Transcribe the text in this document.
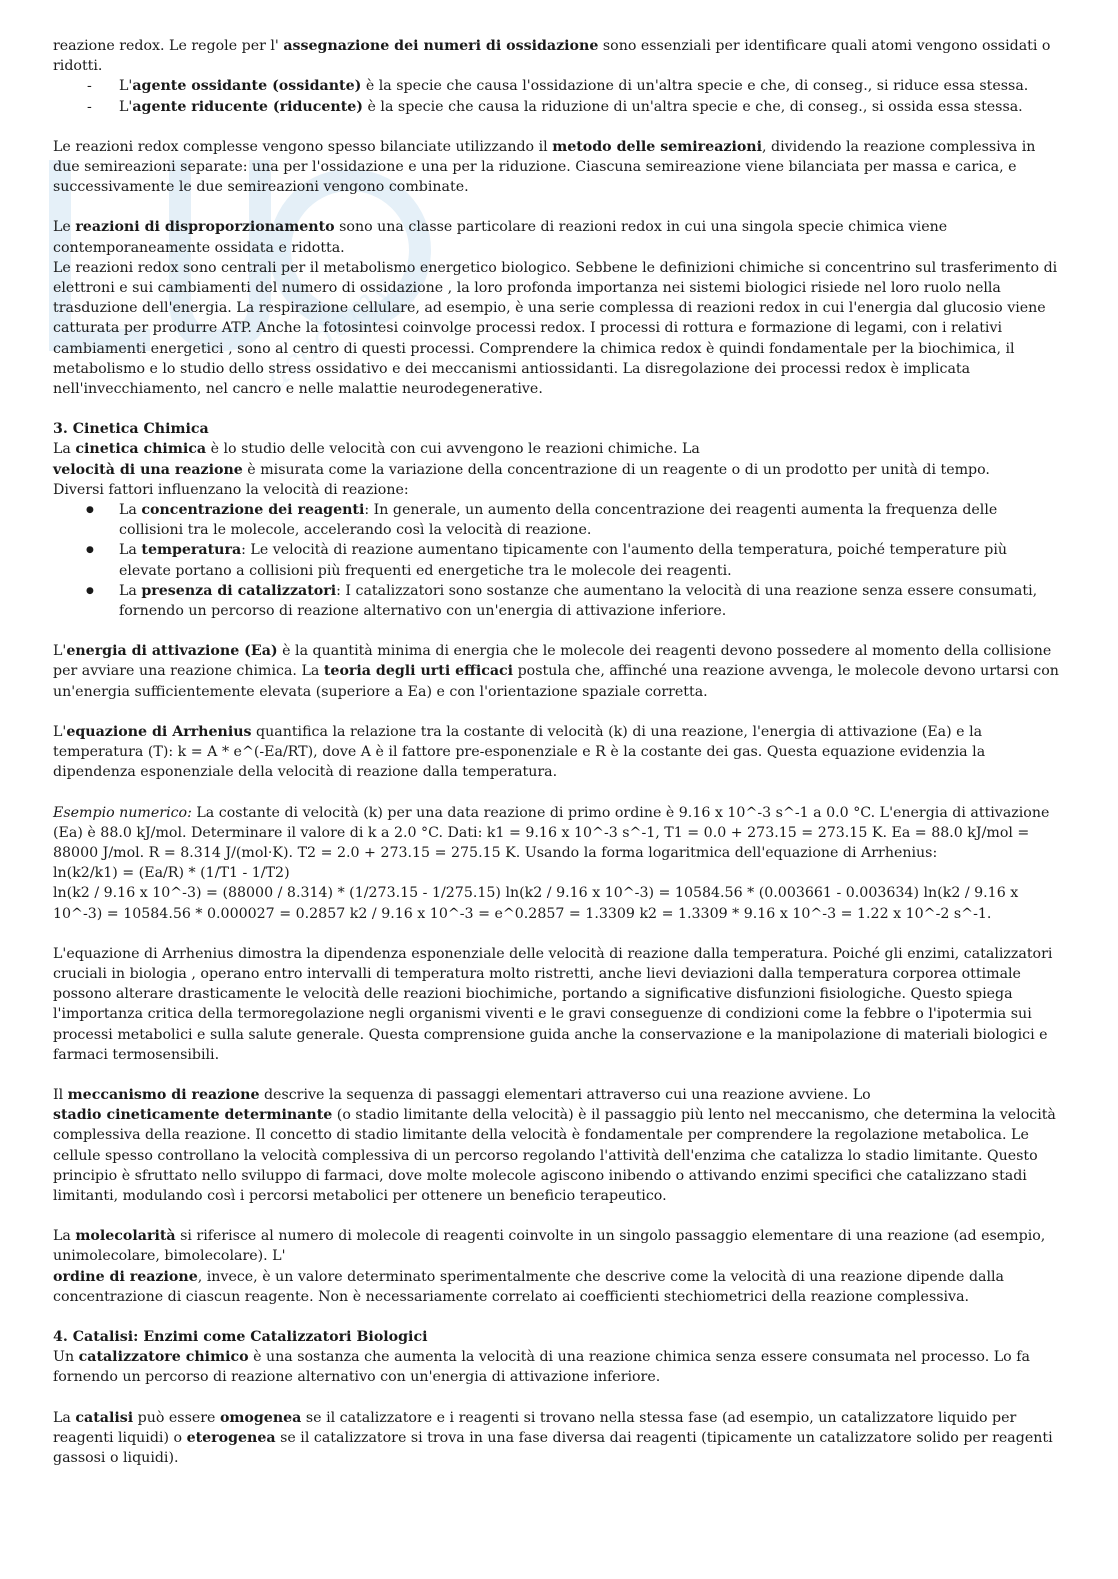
academy

reazione redox. Le regole per l' assegnazione dei numeri di ossidazione sono essenziali per identificare quali atomi vengono ossidati o ridotti.

- L'agente ossidante (ossidante) è la specie che causa l'ossidazione di un'altra specie e che, di conseg., si riduce essa stessa.
- L'agente riducente (riducente) è la specie che causa la riduzione di un'altra specie e che, di conseg., si ossida essa stessa.

Le reazioni redox complesse vengono spesso bilanciate utilizzando il metodo delle semireazioni, dividendo la reazione complessiva in due semireazioni separate: una per l'ossidazione e una per la riduzione. Ciascuna semireazione viene bilanciata per massa e carica, e successivamente le due semireazioni vengono combinate.

Le reazioni di disproporzionamento sono una classe particolare di reazioni redox in cui una singola specie chimica viene contemporaneamente ossidata e ridotta.

Le reazioni redox sono centrali per il metabolismo energetico biologico. Sebbene le definizioni chimiche si concentrino sul trasferimento di elettroni e sui cambiamenti del numero di ossidazione , la loro profonda importanza nei sistemi biologici risiede nel loro ruolo nella trasduzione dell'energia. La respirazione cellulare, ad esempio, è una serie complessa di reazioni redox in cui l'energia dal glucosio viene catturata per produrre ATP. Anche la fotosintesi coinvolge processi redox. I processi di rottura e formazione di legami, con i relativi cambiamenti energetici , sono al centro di questi processi. Comprendere la chimica redox è quindi fondamentale per la biochimica, il metabolismo e lo studio dello stress ossidativo e dei meccanismi antiossidanti. La disregolazione dei processi redox è implicata nell'invecchiamento, nel cancro e nelle malattie neurodegenerative.

3. Cinetica Chimica

La cinetica chimica è lo studio delle velocità con cui avvengono le reazioni chimiche. La

velocità di una reazione è misurata come la variazione della concentrazione di un reagente o di un prodotto per unità di tempo.

Diversi fattori influenzano la velocità di reazione:

● La concentrazione dei reagenti: In generale, un aumento della concentrazione dei reagenti aumenta la frequenza delle collisioni tra le molecole, accelerando così la velocità di reazione.
● La temperatura: Le velocità di reazione aumentano tipicamente con l'aumento della temperatura, poiché temperature più elevate portano a collisioni più frequenti ed energetiche tra le molecole dei reagenti.
● La presenza di catalizzatori: I catalizzatori sono sostanze che aumentano la velocità di una reazione senza essere consumati, fornendo un percorso di reazione alternativo con un'energia di attivazione inferiore.

L'energia di attivazione (Ea) è la quantità minima di energia che le molecole dei reagenti devono possedere al momento della collisione per avviare una reazione chimica. La teoria degli urti efficaci postula che, affinché una reazione avvenga, le molecole devono urtarsi con un'energia sufficientemente elevata (superiore a Ea) e con l'orientazione spaziale corretta.

L'equazione di Arrhenius quantifica la relazione tra la costante di velocità (k) di una reazione, l'energia di attivazione (Ea) e la temperatura (T): k = A * e^(-Ea/RT), dove A è il fattore pre-esponenziale e R è la costante dei gas. Questa equazione evidenzia la dipendenza esponenziale della velocità di reazione dalla temperatura.

Esempio numerico: La costante di velocità (k) per una data reazione di primo ordine è 9.16 x 10^-3 s^-1 a 0.0 °C. L'energia di attivazione (Ea) è 88.0 kJ/mol. Determinare il valore di k a 2.0 °C. Dati: k1 = 9.16 x 10^-3 s^-1, T1 = 0.0 + 273.15 = 273.15 K. Ea = 88.0 kJ/mol = 88000 J/mol. R = 8.314 J/(mol·K). T2 = 2.0 + 273.15 = 275.15 K. Usando la forma logaritmica dell'equazione di Arrhenius:

ln(k2/k1) = (Ea/R) * (1/T1 - 1/T2)

ln(k2 / 9.16 x 10^-3) = (88000 / 8.314) * (1/273.15 - 1/275.15) ln(k2 / 9.16 x 10^-3) = 10584.56 * (0.003661 - 0.003634) ln(k2 / 9.16 x 10^-3) = 10584.56 * 0.000027 = 0.2857 k2 / 9.16 x 10^-3 = e^0.2857 = 1.3309 k2 = 1.3309 * 9.16 x 10^-3 = 1.22 x 10^-2 s^-1.

L'equazione di Arrhenius dimostra la dipendenza esponenziale delle velocità di reazione dalla temperatura. Poiché gli enzimi, catalizzatori cruciali in biologia , operano entro intervalli di temperatura molto ristretti, anche lievi deviazioni dalla temperatura corporea ottimale possono alterare drasticamente le velocità delle reazioni biochimiche, portando a significative disfunzioni fisiologiche. Questo spiega l'importanza critica della termoregolazione negli organismi viventi e le gravi conseguenze di condizioni come la febbre o l'ipotermia sui processi metabolici e sulla salute generale. Questa comprensione guida anche la conservazione e la manipolazione di materiali biologici e farmaci termosensibili.

Il meccanismo di reazione descrive la sequenza di passaggi elementari attraverso cui una reazione avviene. Lo

stadio cineticamente determinante (o stadio limitante della velocità) è il passaggio più lento nel meccanismo, che determina la velocità complessiva della reazione. Il concetto di stadio limitante della velocità è fondamentale per comprendere la regolazione metabolica. Le cellule spesso controllano la velocità complessiva di un percorso regolando l'attività dell'enzima che catalizza lo stadio limitante. Questo principio è sfruttato nello sviluppo di farmaci, dove molte molecole agiscono inibendo o attivando enzimi specifici che catalizzano stadi limitanti, modulando così i percorsi metabolici per ottenere un beneficio terapeutico.

La molecolarità si riferisce al numero di molecole di reagenti coinvolte in un singolo passaggio elementare di una reazione (ad esempio, unimolecolare, bimolecolare). L'

ordine di reazione, invece, è un valore determinato sperimentalmente che descrive come la velocità di una reazione dipende dalla concentrazione di ciascun reagente. Non è necessariamente correlato ai coefficienti stechiometrici della reazione complessiva.

4. Catalisi: Enzimi come Catalizzatori Biologici

Un catalizzatore chimico è una sostanza che aumenta la velocità di una reazione chimica senza essere consumata nel processo. Lo fa fornendo un percorso di reazione alternativo con un'energia di attivazione inferiore.

La catalisi può essere omogenea se il catalizzatore e i reagenti si trovano nella stessa fase (ad esempio, un catalizzatore liquido per reagenti liquidi) o eterogenea se il catalizzatore si trova in una fase diversa dai reagenti (tipicamente un catalizzatore solido per reagenti gassosi o liquidi).
